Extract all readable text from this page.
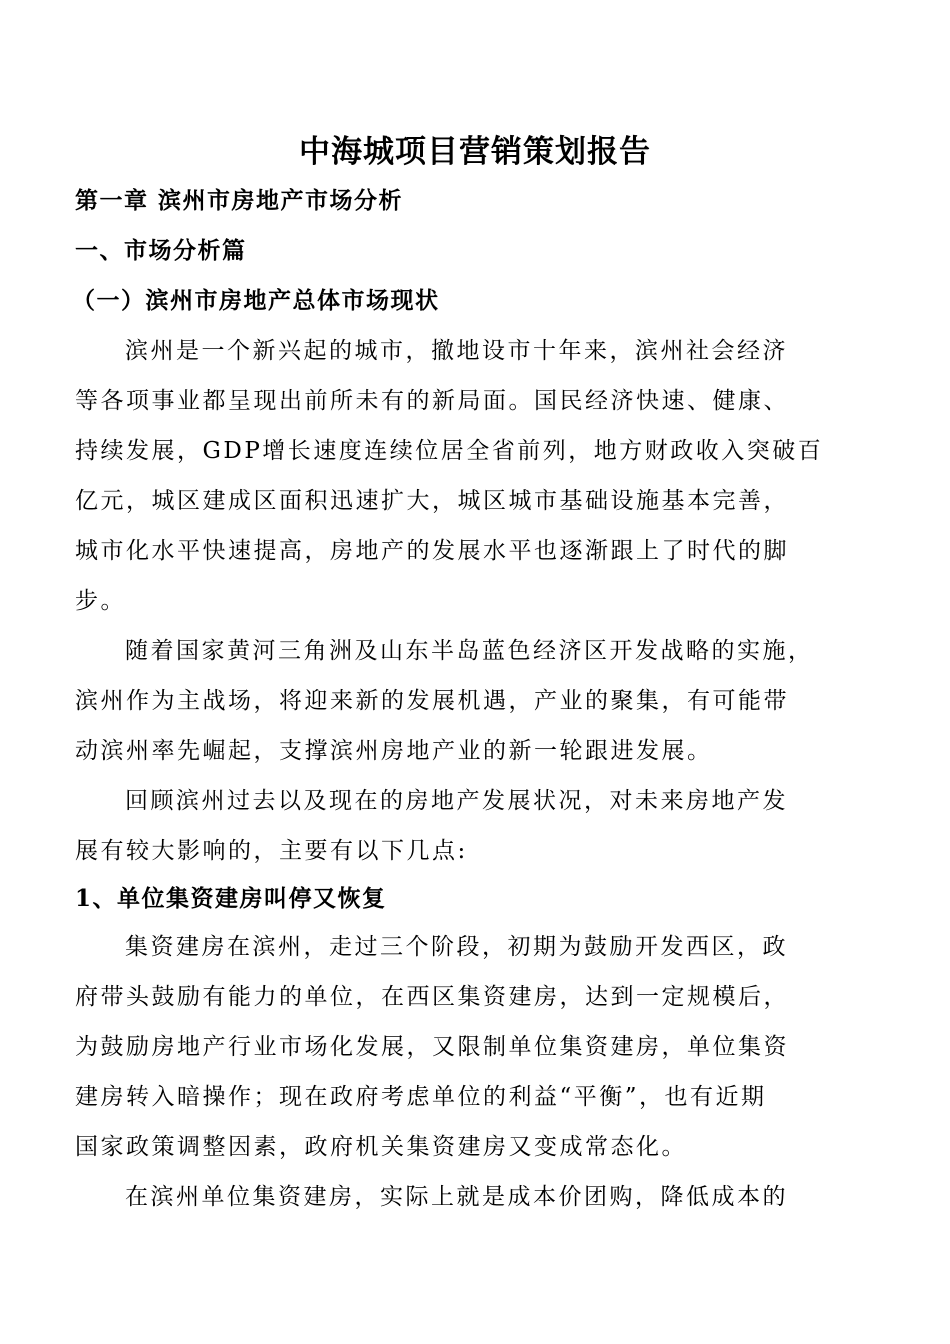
中海城项目营销策划报告
第一章 滨州市房地产市场分析
一、市场分析篇
（一）滨州市房地产总体市场现状
滨州是一个新兴起的城市，撤地设市十年来，滨州社会经济
等各项事业都呈现出前所未有的新局面。国民经济快速、健康、
持续发展，GDP增长速度连续位居全省前列，地方财政收入突破百
亿元，城区建成区面积迅速扩大，城区城市基础设施基本完善，
城市化水平快速提高，房地产的发展水平也逐渐跟上了时代的脚
步。
随着国家黄河三角洲及山东半岛蓝色经济区开发战略的实施，
滨州作为主战场，将迎来新的发展机遇，产业的聚集，有可能带
动滨州率先崛起，支撑滨州房地产业的新一轮跟进发展。
回顾滨州过去以及现在的房地产发展状况，对未来房地产发
展有较大影响的，主要有以下几点:
1、单位集资建房叫停又恢复
集资建房在滨州，走过三个阶段，初期为鼓励开发西区，政
府带头鼓励有能力的单位，在西区集资建房，达到一定规模后，
为鼓励房地产行业市场化发展，又限制单位集资建房，单位集资
建房转入暗操作；现在政府考虑单位的利益“平衡”，也有近期
国家政策调整因素，政府机关集资建房又变成常态化。
在滨州单位集资建房，实际上就是成本价团购，降低成本的
